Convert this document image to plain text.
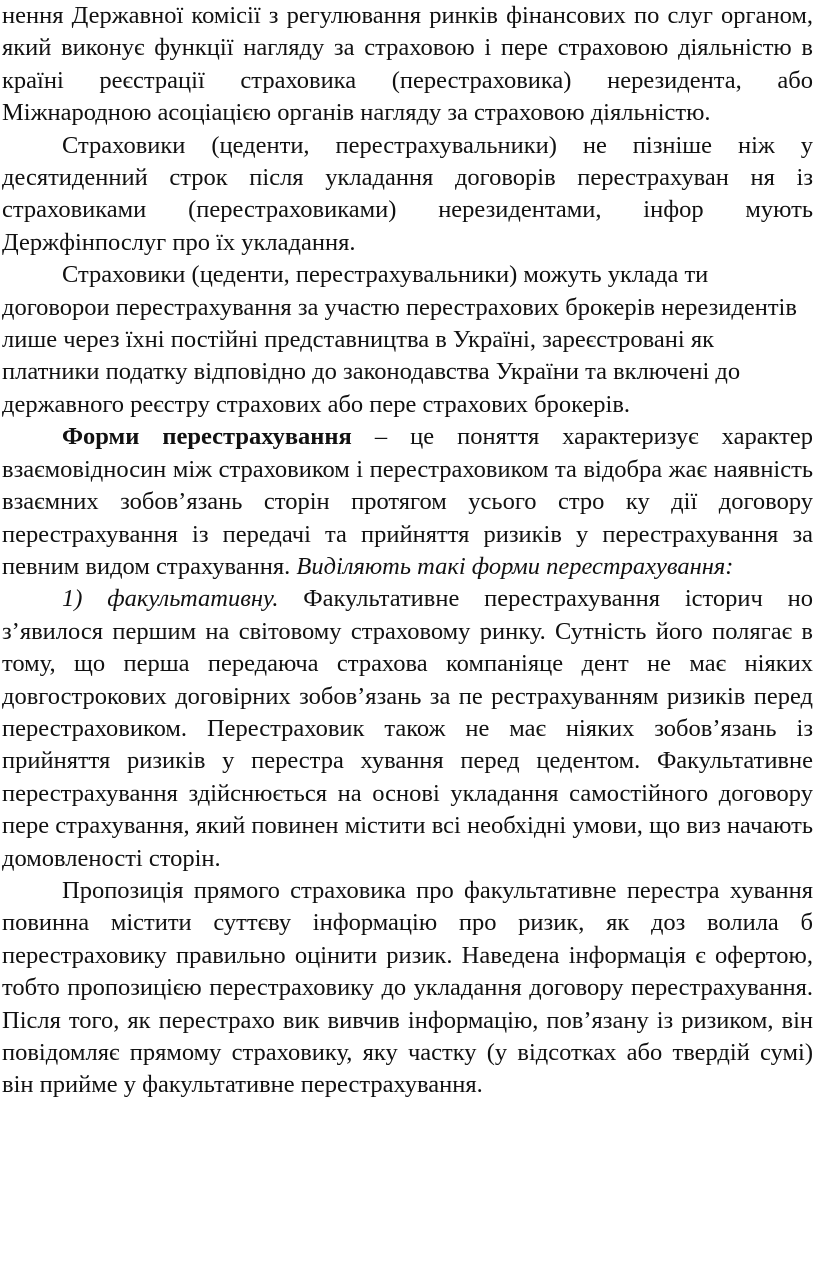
нення Державної комісії з регулювання ринків фінансових по слуг органом, який виконує функції нагляду за страховою і пере страховою діяльністю в країні реєстрації страховика (перестраховика) нерезидента, або Міжнародною асоціацією органів нагляду за страховою діяльністю.

Страховики (цеденти, перестрахувальники) не пізніше ніж у десятиденний строк після укладання договорів перестрахуван ня із страховиками (перестраховиками) нерезидентами, інфор мують Держфінпослуг про їх укладання.

Страховики (цеденти, перестрахувальники) можуть уклада ти договорои перестрахування за участю перестрахових брокерів нерезидентів лише через їхні постійні представництва в Україні, зареєстровані як платники податку відповідно до законодавства України та включені до державного реєстру страхових або пере страхових брокерів.

Форми перестрахування – це поняття характеризує характер взаємовідносин між страховиком і перестраховиком та відобра жає наявність взаємних зобов’язань сторін протягом усього стро ку дії договору перестрахування із передачі та прийняття ризиків у перестрахування за певним видом страхування. Виділяють такі форми перестрахування:

1) факультативну. Факультативне перестрахування історич но з’явилося першим на світовому страховому ринку. Сутність його полягає в тому, що перша передаюча страхова компаніяце дент не має ніяких довгострокових договірних зобов’язань за пе рестрахуванням ризиків перед перестраховиком. Перестраховик також не має ніяких зобов’язань із прийняття ризиків у перестра хування перед цедентом. Факультативне перестрахування здійснюється на основі укладання самостійного договору пере страхування, який повинен містити всі необхідні умови, що виз начають домовленості сторін.

Пропозиція прямого страховика про факультативне перестра хування повинна містити суттєву інформацію про ризик, як доз волила б перестраховику правильно оцінити ризик. Наведена інформація є офертою, тобто пропозицією перестраховику до укладання договору перестрахування. Після того, як перестрахо вик вивчив інформацію, пов’язану із ризиком, він повідомляє прямому страховику, яку частку (у відсотках або твердій сумі) він прийме у факультативне перестрахування.
